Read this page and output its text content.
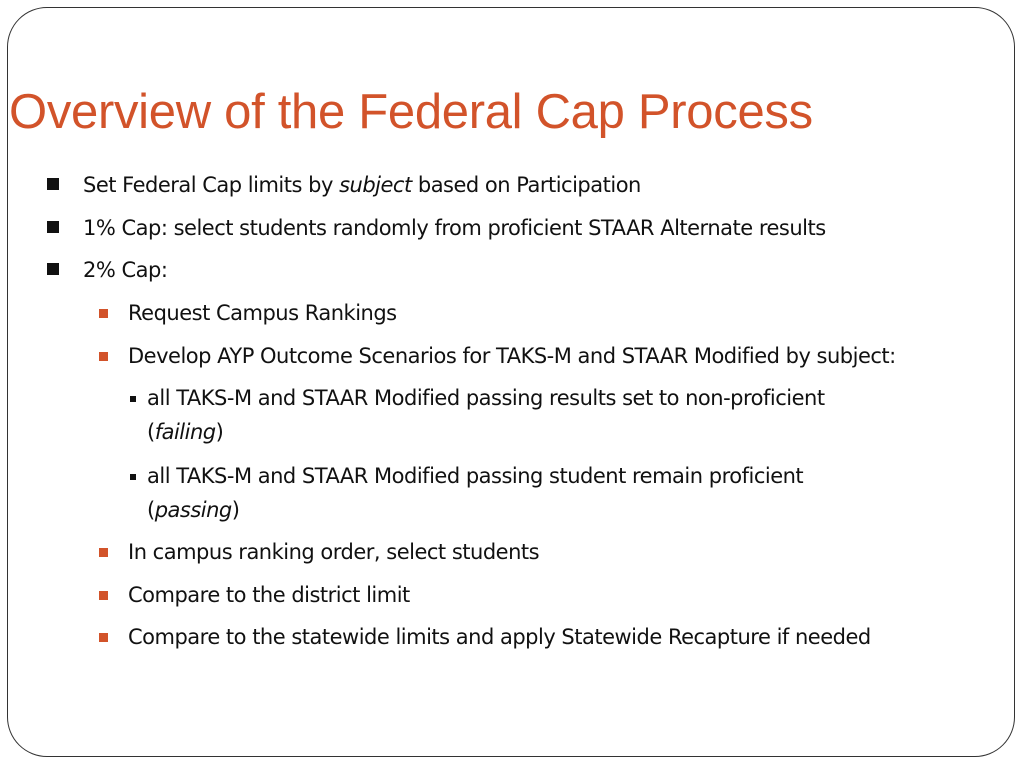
Overview of the Federal Cap Process
Set Federal Cap limits by subject based on Participation
1% Cap: select students randomly from proficient STAAR Alternate results
2% Cap:
Request Campus Rankings
Develop AYP Outcome Scenarios for TAKS-M and STAAR Modified by subject:
all TAKS-M and STAAR Modified passing results set to non-proficient
(failing)
all TAKS-M and STAAR Modified passing student remain proficient
(passing)
In campus ranking order, select students
Compare to the district limit
Compare to the statewide limits and apply Statewide Recapture if needed
